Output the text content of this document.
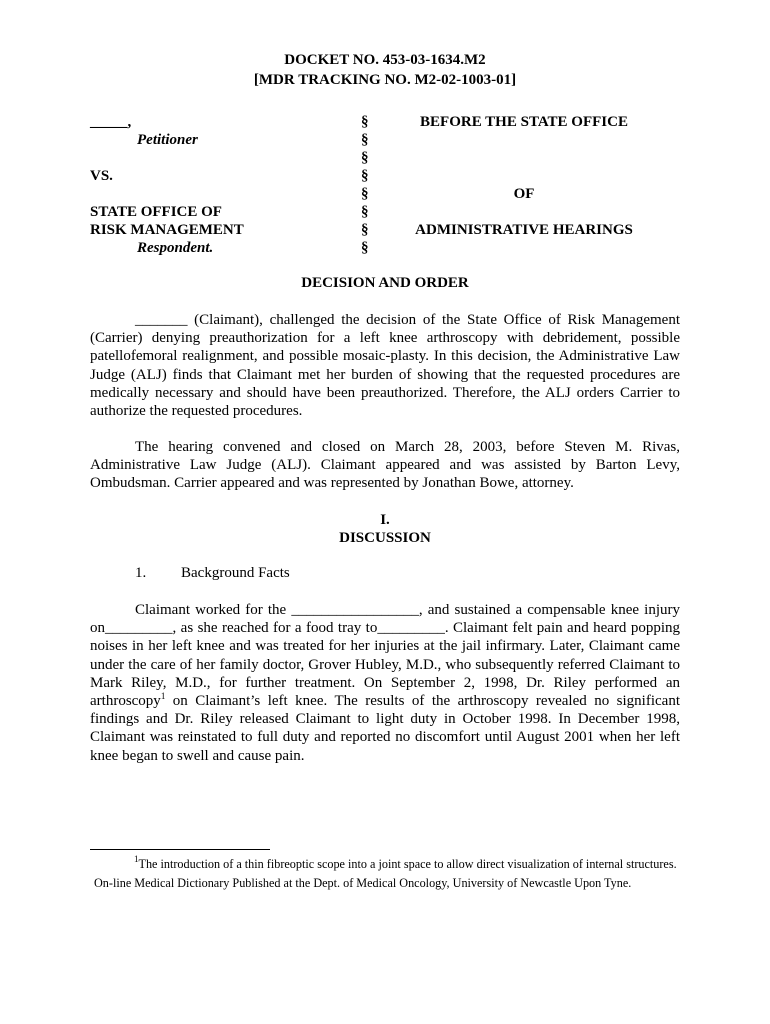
DOCKET NO. 453-03-1634.M2
[MDR TRACKING NO. M2-02-1003-01]
_____,
Petitioner

VS.

STATE OFFICE OF
RISK MANAGEMENT
Respondent.
§
§
§
§
§
§
§
§
BEFORE THE STATE OFFICE

OF

ADMINISTRATIVE HEARINGS
DECISION AND ORDER
_______ (Claimant), challenged the decision of the State Office of Risk Management (Carrier) denying preauthorization for a left knee arthroscopy with debridement, possible patellofemoral realignment, and possible mosaic-plasty. In this decision, the Administrative Law Judge (ALJ) finds that Claimant met her burden of showing that the requested procedures are medically necessary and should have been preauthorized. Therefore, the ALJ orders Carrier to authorize the requested procedures.
The hearing convened and closed on March 28, 2003, before Steven M. Rivas, Administrative Law Judge (ALJ). Claimant appeared and was assisted by Barton Levy, Ombudsman. Carrier appeared and was represented by Jonathan Bowe, attorney.
I.
DISCUSSION
1. Background Facts
Claimant worked for the _________________, and sustained a compensable knee injury on_________, as she reached for a food tray to_________. Claimant felt pain and heard popping noises in her left knee and was treated for her injuries at the jail infirmary. Later, Claimant came under the care of her family doctor, Grover Hubley, M.D., who subsequently referred Claimant to Mark Riley, M.D., for further treatment. On September 2, 1998, Dr. Riley performed an arthroscopy$^1$ on Claimant’s left knee. The results of the arthroscopy revealed no significant findings and Dr. Riley released Claimant to light duty in October 1998. In December 1998, Claimant was reinstated to full duty and reported no discomfort until August 2001 when her left knee began to swell and cause pain.
$^1$The introduction of a thin fibreoptic scope into a joint space to allow direct visualization of internal structures.
On-line Medical Dictionary Published at the Dept. of Medical Oncology, University of Newcastle Upon Tyne.
